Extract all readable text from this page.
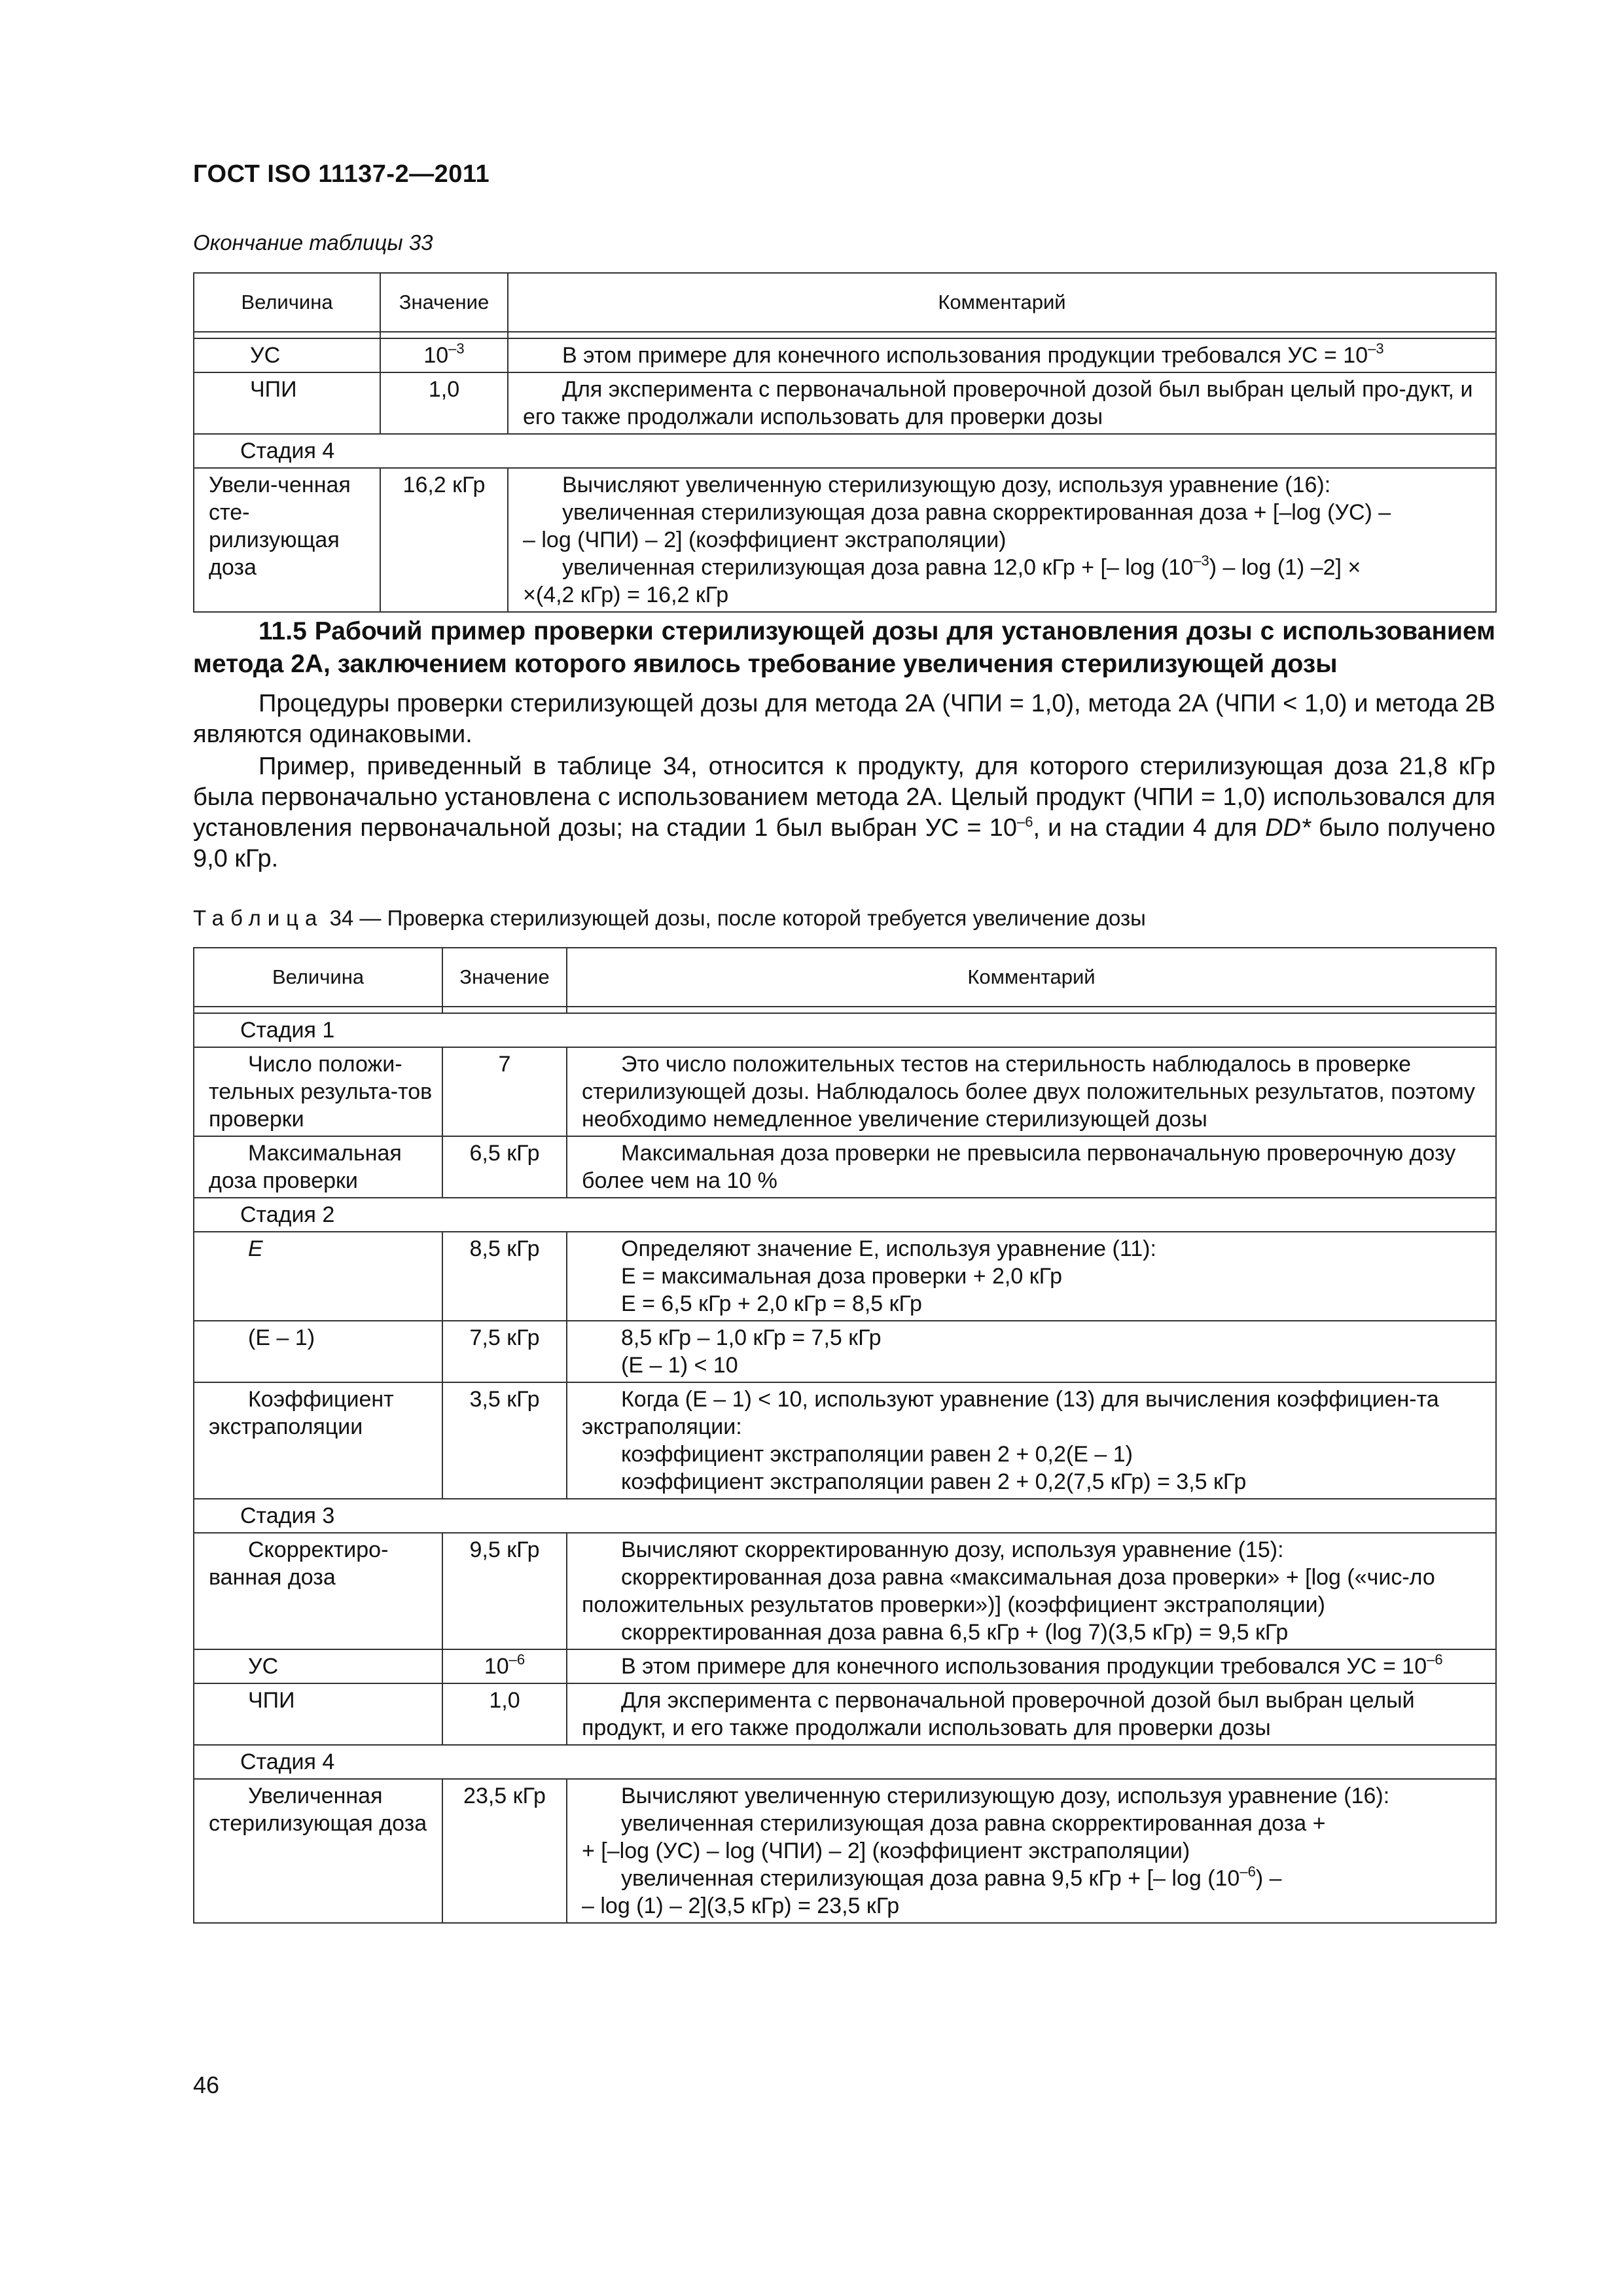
ГОСТ ISO 11137-2—2011
Окончание таблицы 33
Величина	Значение	Комментарий

УС	$10^{-3}$	В этом примере для конечного использования продукции требовался УС = $10^{-3}$
ЧПИ	1,0	Для эксперимента с первоначальной проверочной дозой был выбран целый про-дукт, и его также продолжали использовать для проверки дозы
Стадия 4		
Увели-ченная сте-рилизующая доза	16,2 кГр	Вычисляют увеличенную стерилизующую дозу, используя уравнение (16):
увеличенная стерилизующая доза равна скорректированная доза + [–log (УС) –
– log (ЧПИ) – 2] (коэффициент экстраполяции)
увеличенная стерилизующая доза равна 12,0 кГр + [– $\log (10^{-3})$ – log (1) –2] ×
×(4,2 кГр) = 16,2 кГр
11.5 Рабочий пример проверки стерилизующей дозы для установления дозы с использованием метода 2А, заключением которого явилось требование увеличения стерилизующей дозы
Процедуры проверки стерилизующей дозы для метода 2А (ЧПИ = 1,0), метода 2А (ЧПИ < 1,0) и метода 2В являются одинаковыми.
Пример, приведенный в таблице 34, относится к продукту, для которого стерилизующая доза 21,8 кГр была первоначально установлена с использованием метода 2А. Целый продукт (ЧПИ = 1,0) использовался для установления первоначальной дозы; на стадии 1 был выбран УС = $10^{-6}$, и на стадии 4 для DD* было получено 9,0 кГр.
Таблица 34 — Проверка стерилизующей дозы, после которой требуется увеличение дозы
Величина	Значение	Комментарий

Стадия 1		
Число положи-тельных результа-тов проверки	7	Это число положительных тестов на стерильность наблюдалось в проверке стерилизующей дозы. Наблюдалось более двух положительных результатов, поэтому необходимо немедленное увеличение стерилизующей дозы
Максимальная доза проверки	6,5 кГр	Максимальная доза проверки не превысила первоначальную проверочную дозу более чем на 10 %
Стадия 2		
E	8,5 кГр	Определяют значение E, используя уравнение (11):
E = максимальная доза проверки + 2,0 кГр
E = 6,5 кГр + 2,0 кГр = 8,5 кГр

(E – 1)	7,5 кГр	8,5 кГр – 1,0 кГр = 7,5 кГр
(E – 1) < 10

Коэффициент экстраполяции	3,5 кГр	Когда (E – 1) < 10, используют уравнение (13) для вычисления коэффициен-та экстраполяции:
коэффициент экстраполяции равен 2 + 0,2(E – 1)
коэффициент экстраполяции равен 2 + 0,2(7,5 кГр) = 3,5 кГр

Стадия 3		
Скорректиро-ванная доза	9,5 кГр	Вычисляют скорректированную дозу, используя уравнение (15):
скорректированная доза равна «максимальная доза проверки» + [log («чис-ло положительных результатов проверки»)] (коэффициент экстраполяции)
скорректированная доза равна 6,5 кГр + (log 7)(3,5 кГр) = 9,5 кГр

УС	$10^{-6}$	В этом примере для конечного использования продукции требовался УС = $10^{-6}$
ЧПИ	1,0	Для эксперимента с первоначальной проверочной дозой был выбран целый продукт, и его также продолжали использовать для проверки дозы
Стадия 4		
Увеличенная стерилизующая доза	23,5 кГр	Вычисляют увеличенную стерилизующую дозу, используя уравнение (16):
увеличенная стерилизующая доза равна скорректированная доза +
+ [–log (УС) – log (ЧПИ) – 2] (коэффициент экстраполяции)
увеличенная стерилизующая доза равна 9,5 кГр + [– $\log (10^{-6})$ –
– log (1) – 2](3,5 кГр) = 23,5 кГр
46
